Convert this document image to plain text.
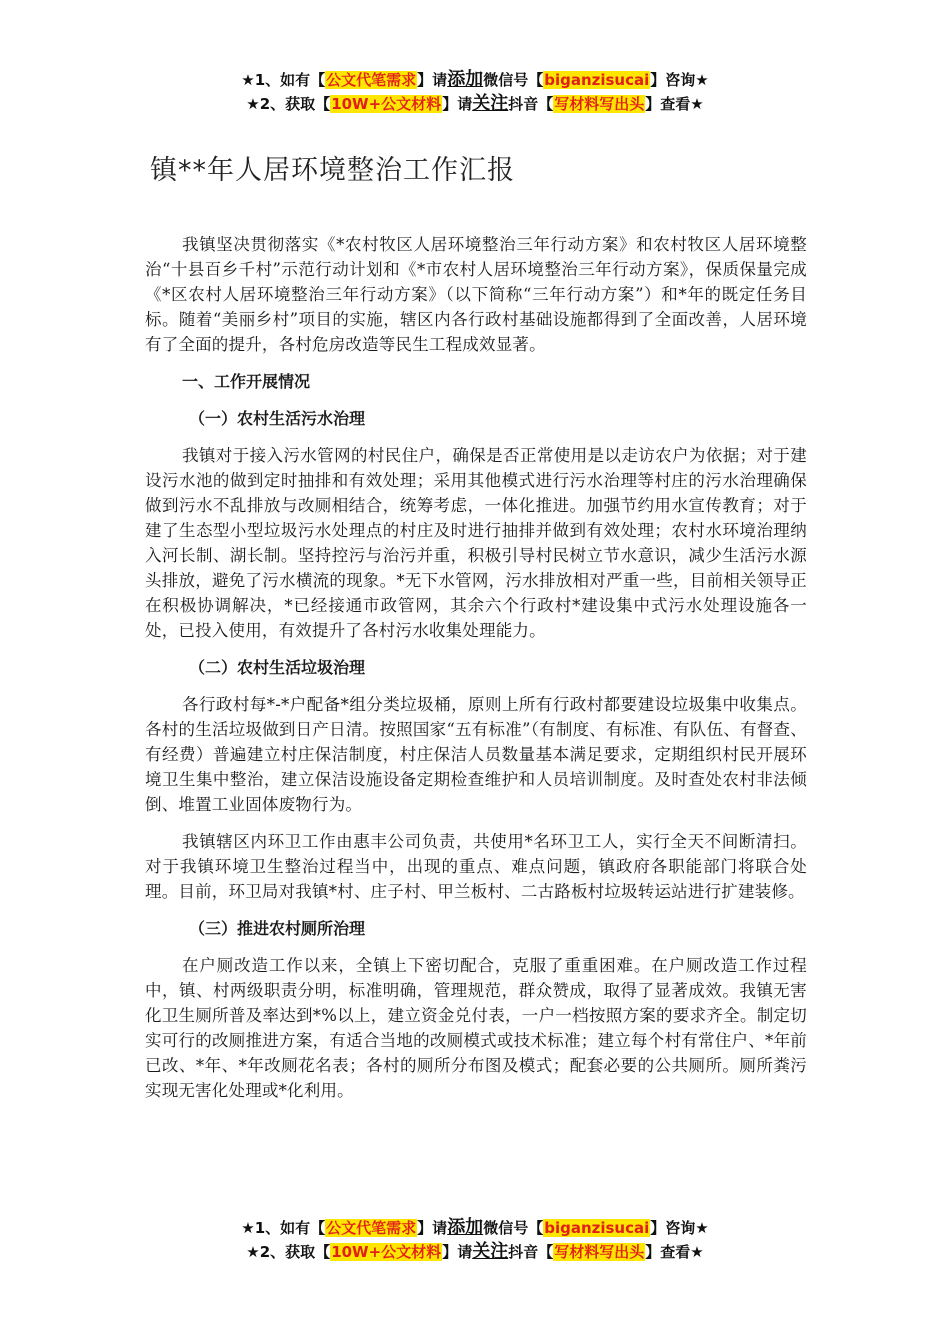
★1、如有【公文代笔需求】请添加微信号【biganzisucai】咨询★
★2、获取【10W+公文材料】请关注抖音【写材料写出头】查看★
镇**年人居环境整治工作汇报

我镇坚决贯彻落实《*农村牧区人居环境整治三年行动方案》和农村牧区人居环境整治“十县百乡千村”示范行动计划和《*市农村人居环境整治三年行动方案》，保质保量完成《*区农村人居环境整治三年行动方案》（以下简称“三年行动方案”）和*年的既定任务目标。随着“美丽乡村”项目的实施，辖区内各行政村基础设施都得到了全面改善，人居环境有了全面的提升，各村危房改造等民生工程成效显著。

一、工作开展情况

（一）农村生活污水治理

我镇对于接入污水管网的村民住户，确保是否正常使用是以走访农户为依据；对于建设污水池的做到定时抽排和有效处理；采用其他模式进行污水治理等村庄的污水治理确保做到污水不乱排放与改厕相结合，统筹考虑，一体化推进。加强节约用水宣传教育；对于建了生态型小型垃圾污水处理点的村庄及时进行抽排并做到有效处理；农村水环境治理纳入河长制、湖长制。坚持控污与治污并重，积极引导村民树立节水意识，减少生活污水源头排放，避免了污水横流的现象。*无下水管网，污水排放相对严重一些，目前相关领导正在积极协调解决，*已经接通市政管网，其余六个行政村*建设集中式污水处理设施各一处，已投入使用，有效提升了各村污水收集处理能力。

（二）农村生活垃圾治理

各行政村每*-*户配备*组分类垃圾桶，原则上所有行政村都要建设垃圾集中收集点。各村的生活垃圾做到日产日清。按照国家“五有标准”（有制度、有标准、有队伍、有督查、有经费）普遍建立村庄保洁制度，村庄保洁人员数量基本满足要求，定期组织村民开展环境卫生集中整治，建立保洁设施设备定期检查维护和人员培训制度。及时查处农村非法倾倒、堆置工业固体废物行为。

我镇辖区内环卫工作由惠丰公司负责，共使用*名环卫工人，实行全天不间断清扫。对于我镇环境卫生整治过程当中，出现的重点、难点问题，镇政府各职能部门将联合处理。目前，环卫局对我镇*村、庄子村、甲兰板村、二古路板村垃圾转运站进行扩建装修。

（三）推进农村厕所治理

在户厕改造工作以来，全镇上下密切配合，克服了重重困难。在户厕改造工作过程中，镇、村两级职责分明，标准明确，管理规范，群众赞成，取得了显著成效。我镇无害化卫生厕所普及率达到*%以上，建立资金兑付表，一户一档按照方案的要求齐全。制定切实可行的改厕推进方案，有适合当地的改厕模式或技术标准；建立每个村有常住户、*年前已改、*年、*年改厕花名表；各村的厕所分布图及模式；配套必要的公共厕所。厕所粪污实现无害化处理或*化利用。

★1、如有【公文代笔需求】请添加微信号【biganzisucai】咨询★
★2、获取【10W+公文材料】请关注抖音【写材料写出头】查看★
